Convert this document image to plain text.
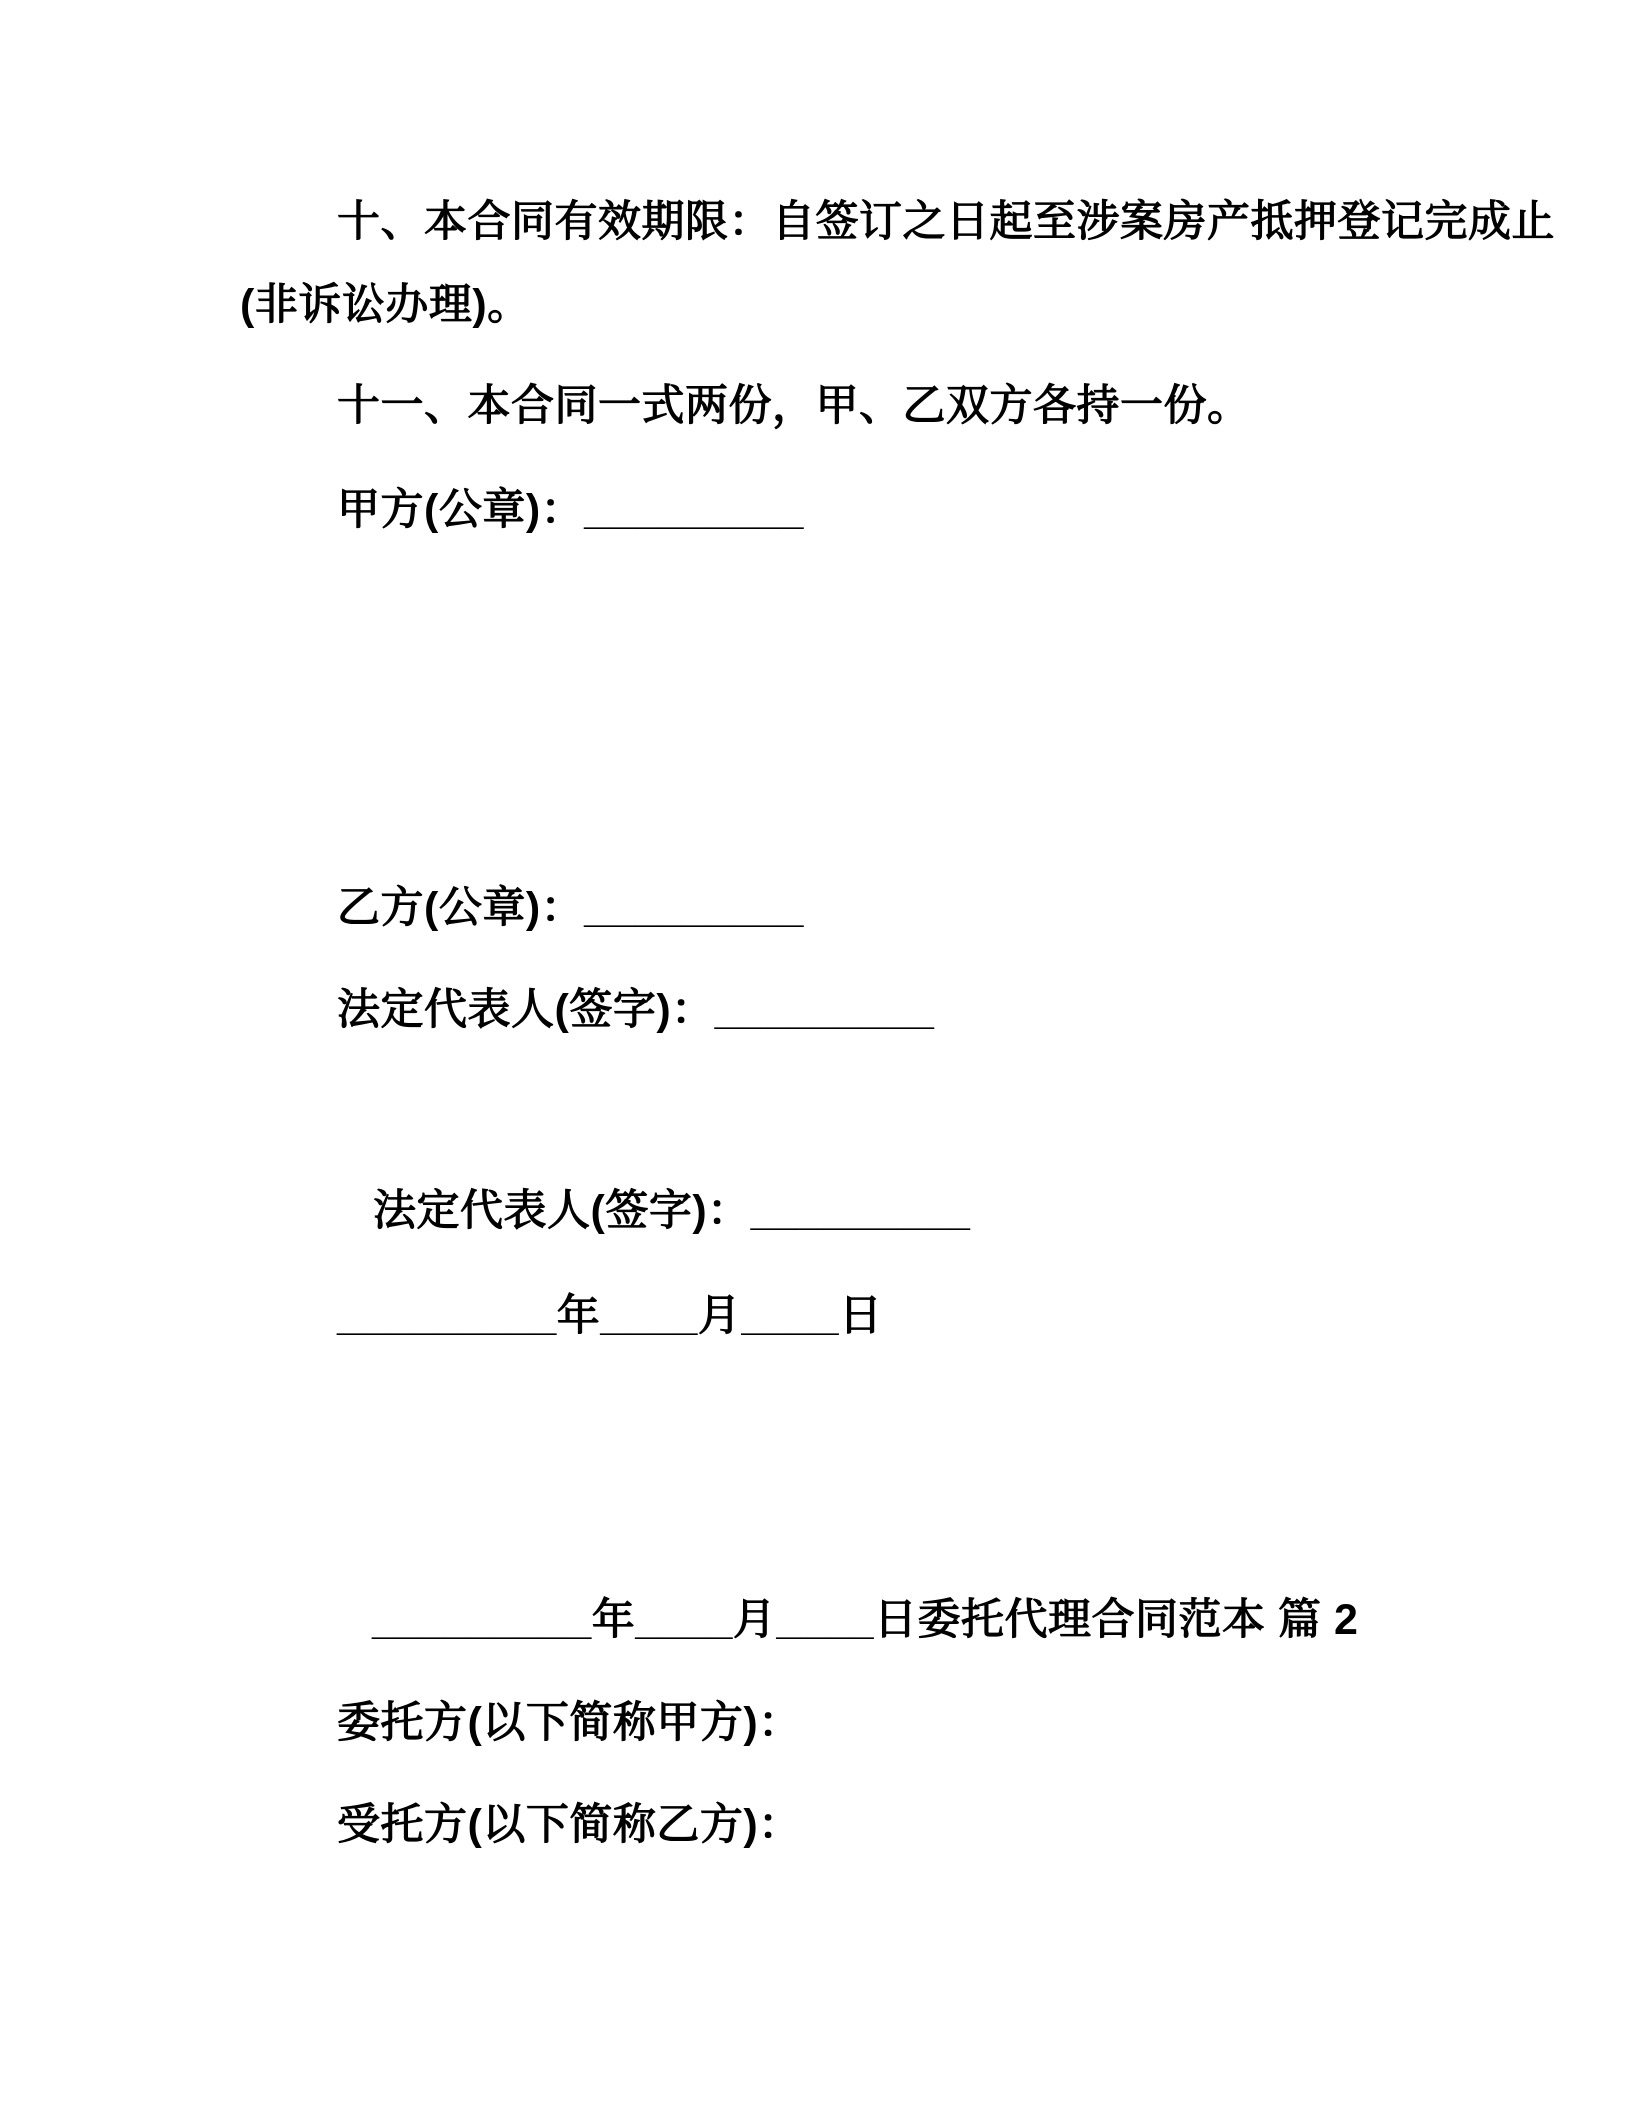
十、本合同有效期限：自签订之日起至涉案房产抵押登记完成止

(非诉讼办理)。

十一、本合同一式两份，甲、乙双方各持一份。

甲方(公章)：_________

乙方(公章)：_________

法定代表人(签字)：_________

法定代表人(签字)：_________

_________年____月____日

_________年____月____日委托代理合同范本 篇 2

委托方(以下简称甲方)：

受托方(以下简称乙方)：
